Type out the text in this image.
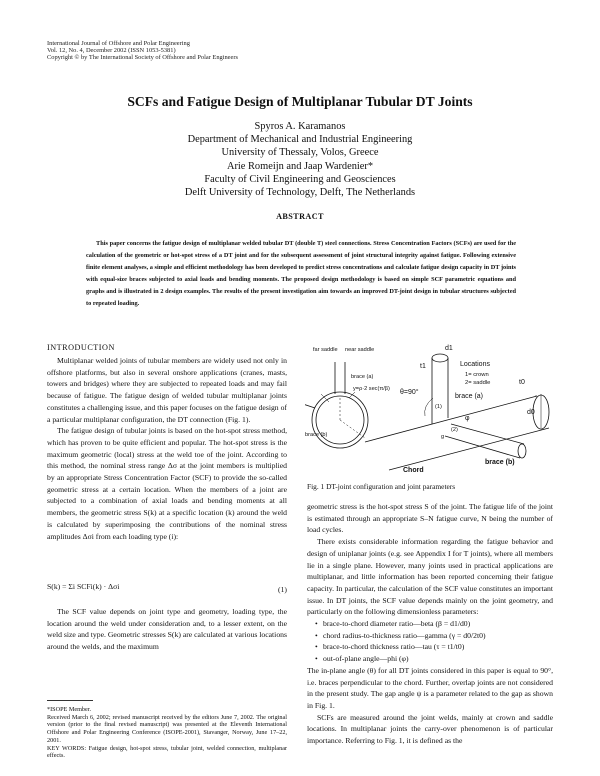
International Journal of Offshore and Polar Engineering
Vol. 12, No. 4, December 2002 (ISSN 1053-5381)
Copyright © by The International Society of Offshore and Polar Engineers
SCFs and Fatigue Design of Multiplanar Tubular DT Joints
Spyros A. Karamanos
Department of Mechanical and Industrial Engineering
University of Thessaly, Volos, Greece
Arie Romeijn and Jaap Wardenier*
Faculty of Civil Engineering and Geosciences
Delft University of Technology, Delft, The Netherlands
ABSTRACT
This paper concerns the fatigue design of multiplanar welded tubular DT (double T) steel connections. Stress Concentration Factors (SCFs) are used for the calculation of the geometric or hot-spot stress of a DT joint and for the subsequent assessment of joint structural integrity against fatigue. Following extensive finite element analyses, a simple and efficient methodology has been developed to predict stress concentrations and calculate fatigue design capacity in DT joints with equal-size braces subjected to axial loads and bending moments. The proposed design methodology is based on simple SCF parametric equations and graphs and is illustrated in 2 design examples. The results of the present investigation aim towards an improved DT-joint design in tubular structures subjected to repeated loading.
INTRODUCTION

Multiplanar welded joints of tubular members are widely used not only in offshore platforms, but also in several onshore applications (cranes, masts, towers and bridges) where they are subjected to repeated loads and may fail because of fatigue. The fatigue design of welded tubular multiplanar joints constitutes a challenging issue, and this paper focuses on the fatigue design of a particular multiplanar configuration, the DT connection (Fig. 1).

The fatigue design of tubular joints is based on the hot-spot stress method, which has proven to be quite efficient and popular. The hot-spot stress is the maximum geometric (local) stress at the weld toe of the joint. According to this method, the nominal stress range Δσ at the joint members is multiplied by an appropriate Stress Concentration Factor (SCF) to provide the so-called geometric stress at a certain location. When the members of a joint are subjected to a combination of axial loads and bending moments at all members, the geometric stress S(k) at a specific location (k) around the weld is calculated by superimposing the contributions of the nominal stress amplitudes Δσi from each loading type (i):

S(k) = Σi SCFi(k) · Δσi	(1)

The SCF value depends on joint type and geometry, loading type, the location around the weld under consideration and, to a lesser extent, on the weld size and type. Geometric stresses S(k) are calculated at various locations around the welds, and the maximum

*ISOPE Member.
Received March 6, 2002; revised manuscript received by the editors June 7, 2002. The original version (prior to the final revised manuscript) was presented at the Eleventh International Offshore and Polar Engineering Conference (ISOPE-2001), Stavanger, Norway, June 17–22, 2001.
KEY WORDS: Fatigue design, hot-spot stress, tubular joint, welded connection, multiplanar effects.
far saddle near saddle
brace (a)
y=ρ·2 sec(π/β)
brace (b)
d1
t1
θ=90°
Locations
1= crown
2= saddle
brace (a)
t0
d0
φ
(1)
(2)
g
Chord
brace (b)
Fig. 1 DT-joint configuration and joint parameters

geometric stress is the hot-spot stress S of the joint. The fatigue life of the joint is estimated through an appropriate S–N fatigue curve, N being the number of load cycles.

There exists considerable information regarding the fatigue behavior and design of uniplanar joints (e.g. see Appendix I for T joints), where all members lie in a single plane. However, many joints used in practical applications are multiplanar, and little information has been reported concerning their fatigue capacity. In particular, the calculation of the SCF value constitutes an important issue. In DT joints, the SCF value depends mainly on the joint geometry, and particularly on the following dimensionless parameters:

• brace-to-chord diameter ratio—beta (β = d1/d0)
• chord radius-to-thickness ratio—gamma (γ = d0/2t0)
• brace-to-chord thickness ratio—tau (τ = t1/t0)
• out-of-plane angle—phi (φ)

The in-plane angle (θ) for all DT joints considered in this paper is equal to 90°, i.e. braces perpendicular to the chord. Further, overlap joints are not considered in the present study. The gap angle ψ is a parameter related to the gap as shown in Fig. 1.

SCFs are measured around the joint welds, mainly at crown and saddle locations. In multiplanar joints the carry-over phenomenon is of particular importance. Referring to Fig. 1, it is defined as the
